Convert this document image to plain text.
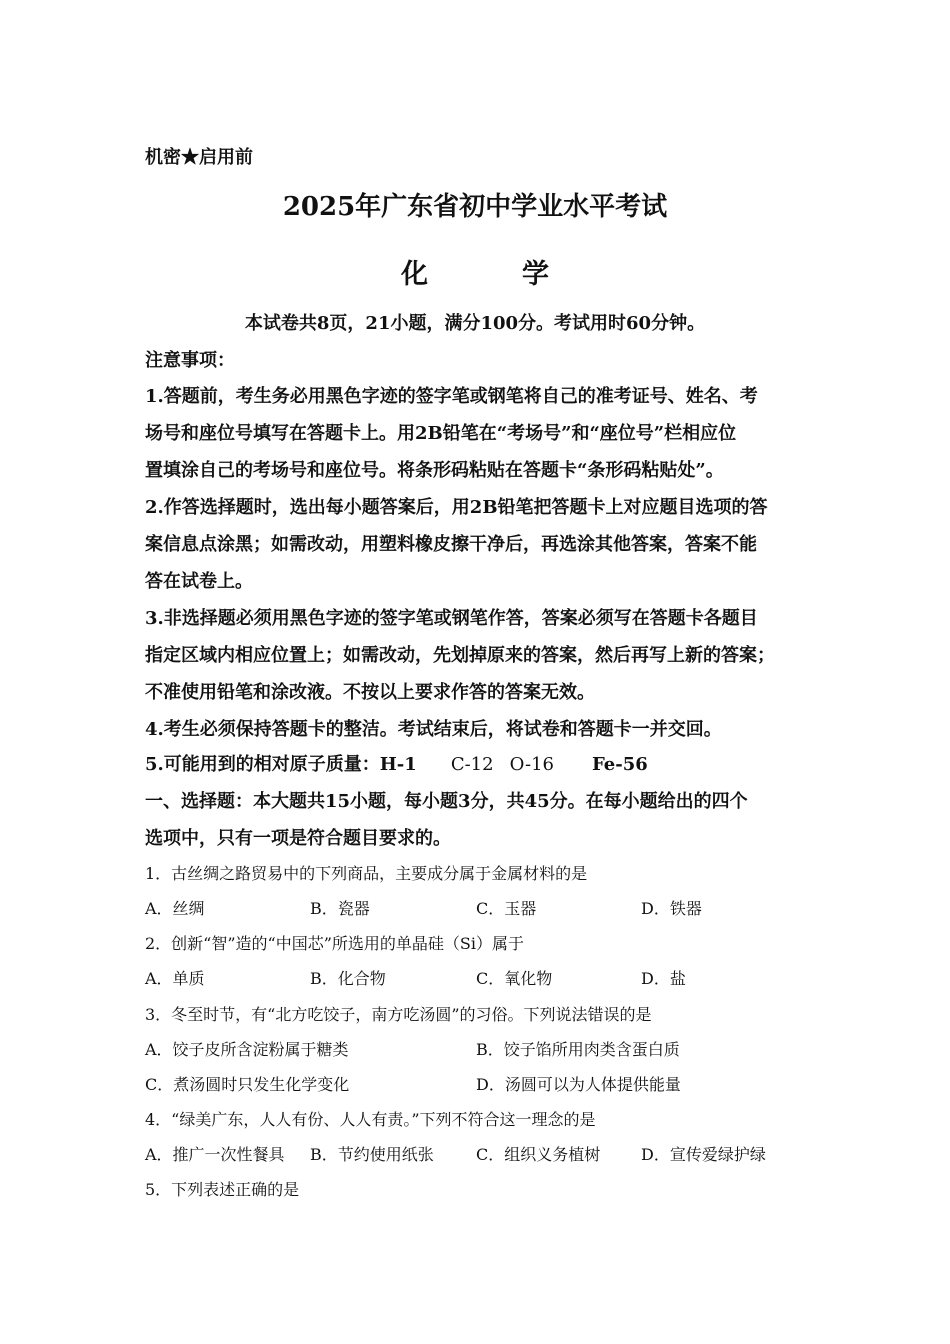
机密★启用前
2025年广东省初中学业水平考试
化	学
本试卷共8页，21小题，满分100分。考试用时60分钟。
注意事项：
1.答题前，考生务必用黑色字迹的签字笔或钢笔将自己的准考证号、姓名、考
场号和座位号填写在答题卡上。用2B铅笔在“考场号”和“座位号”栏相应位
置填涂自己的考场号和座位号。将条形码粘贴在答题卡“条形码粘贴处”。
2.作答选择题时，选出每小题答案后，用2B铅笔把答题卡上对应题目选项的答
案信息点涂黑；如需改动，用塑料橡皮擦干净后，再选涂其他答案，答案不能
答在试卷上。
3.非选择题必须用黑色字迹的签字笔或钢笔作答，答案必须写在答题卡各题目
指定区域内相应位置上；如需改动，先划掉原来的答案，然后再写上新的答案；
不准使用铅笔和涂改液。不按以上要求作答的答案无效。
4.考生必须保持答题卡的整洁。考试结束后，将试卷和答题卡一并交回。
5.可能用到的相对原子质量：H-1 C-12 O-16 Fe-56
一、选择题：本大题共15小题，每小题3分，共45分。在每小题给出的四个
选项中，只有一项是符合题目要求的。
1．古丝绸之路贸易中的下列商品，主要成分属于金属材料的是
A．丝绸	B．瓷器	C．玉器	D．铁器
2．创新“智”造的“中国芯”所选用的单晶硅（Si）属于
A．单质	B．化合物	C．氧化物	D．盐
3．冬至时节，有“北方吃饺子，南方吃汤圆”的习俗。下列说法错误的是
A．饺子皮所含淀粉属于糖类	B．饺子馅所用肉类含蛋白质
C．煮汤圆时只发生化学变化	D．汤圆可以为人体提供能量
4．“绿美广东，人人有份、人人有责。”下列不符合这一理念的是
A．推广一次性餐具 B．节约使用纸张	C．组织义务植树	D．宣传爱绿护绿
5．下列表述正确的是
